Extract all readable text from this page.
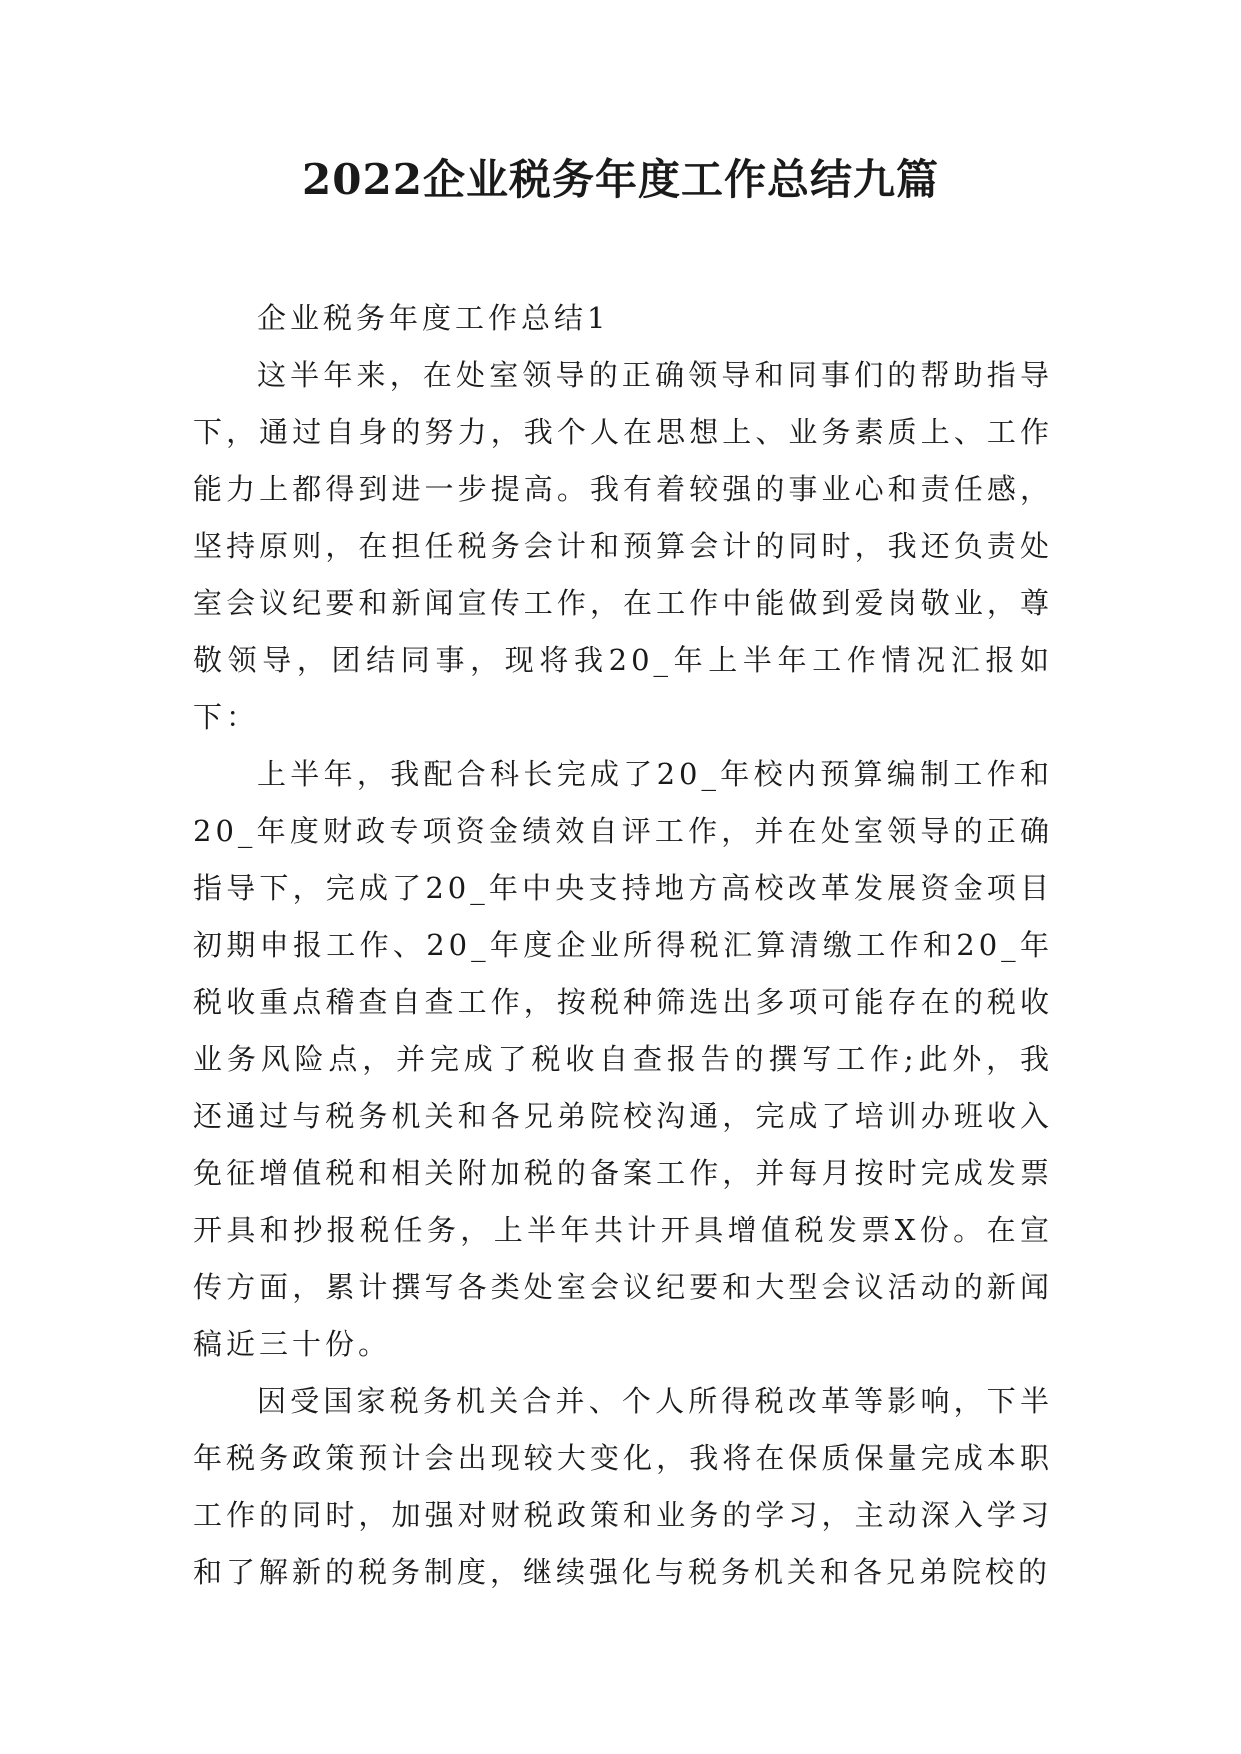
2022企业税务年度工作总结九篇

企业税务年度工作总结1

这半年来，在处室领导的正确领导和同事们的帮助指导下，通过自身的努力，我个人在思想上、业务素质上、工作能力上都得到进一步提高。我有着较强的事业心和责任感，坚持原则，在担任税务会计和预算会计的同时，我还负责处室会议纪要和新闻宣传工作，在工作中能做到爱岗敬业，尊敬领导，团结同事，现将我20_年上半年工作情况汇报如下：

上半年，我配合科长完成了20_年校内预算编制工作和20_年度财政专项资金绩效自评工作，并在处室领导的正确指导下，完成了20_年中央支持地方高校改革发展资金项目初期申报工作、20_年度企业所得税汇算清缴工作和20_年税收重点稽查自查工作，按税种筛选出多项可能存在的税收业务风险点，并完成了税收自查报告的撰写工作;此外，我还通过与税务机关和各兄弟院校沟通，完成了培训办班收入免征增值税和相关附加税的备案工作，并每月按时完成发票开具和抄报税任务，上半年共计开具增值税发票X份。在宣传方面，累计撰写各类处室会议纪要和大型会议活动的新闻稿近三十份。

因受国家税务机关合并、个人所得税改革等影响，下半年税务政策预计会出现较大变化，我将在保质保量完成本职工作的同时，加强对财税政策和业务的学习，主动深入学习和了解新的税务制度，继续强化与税务机关和各兄弟院校的
